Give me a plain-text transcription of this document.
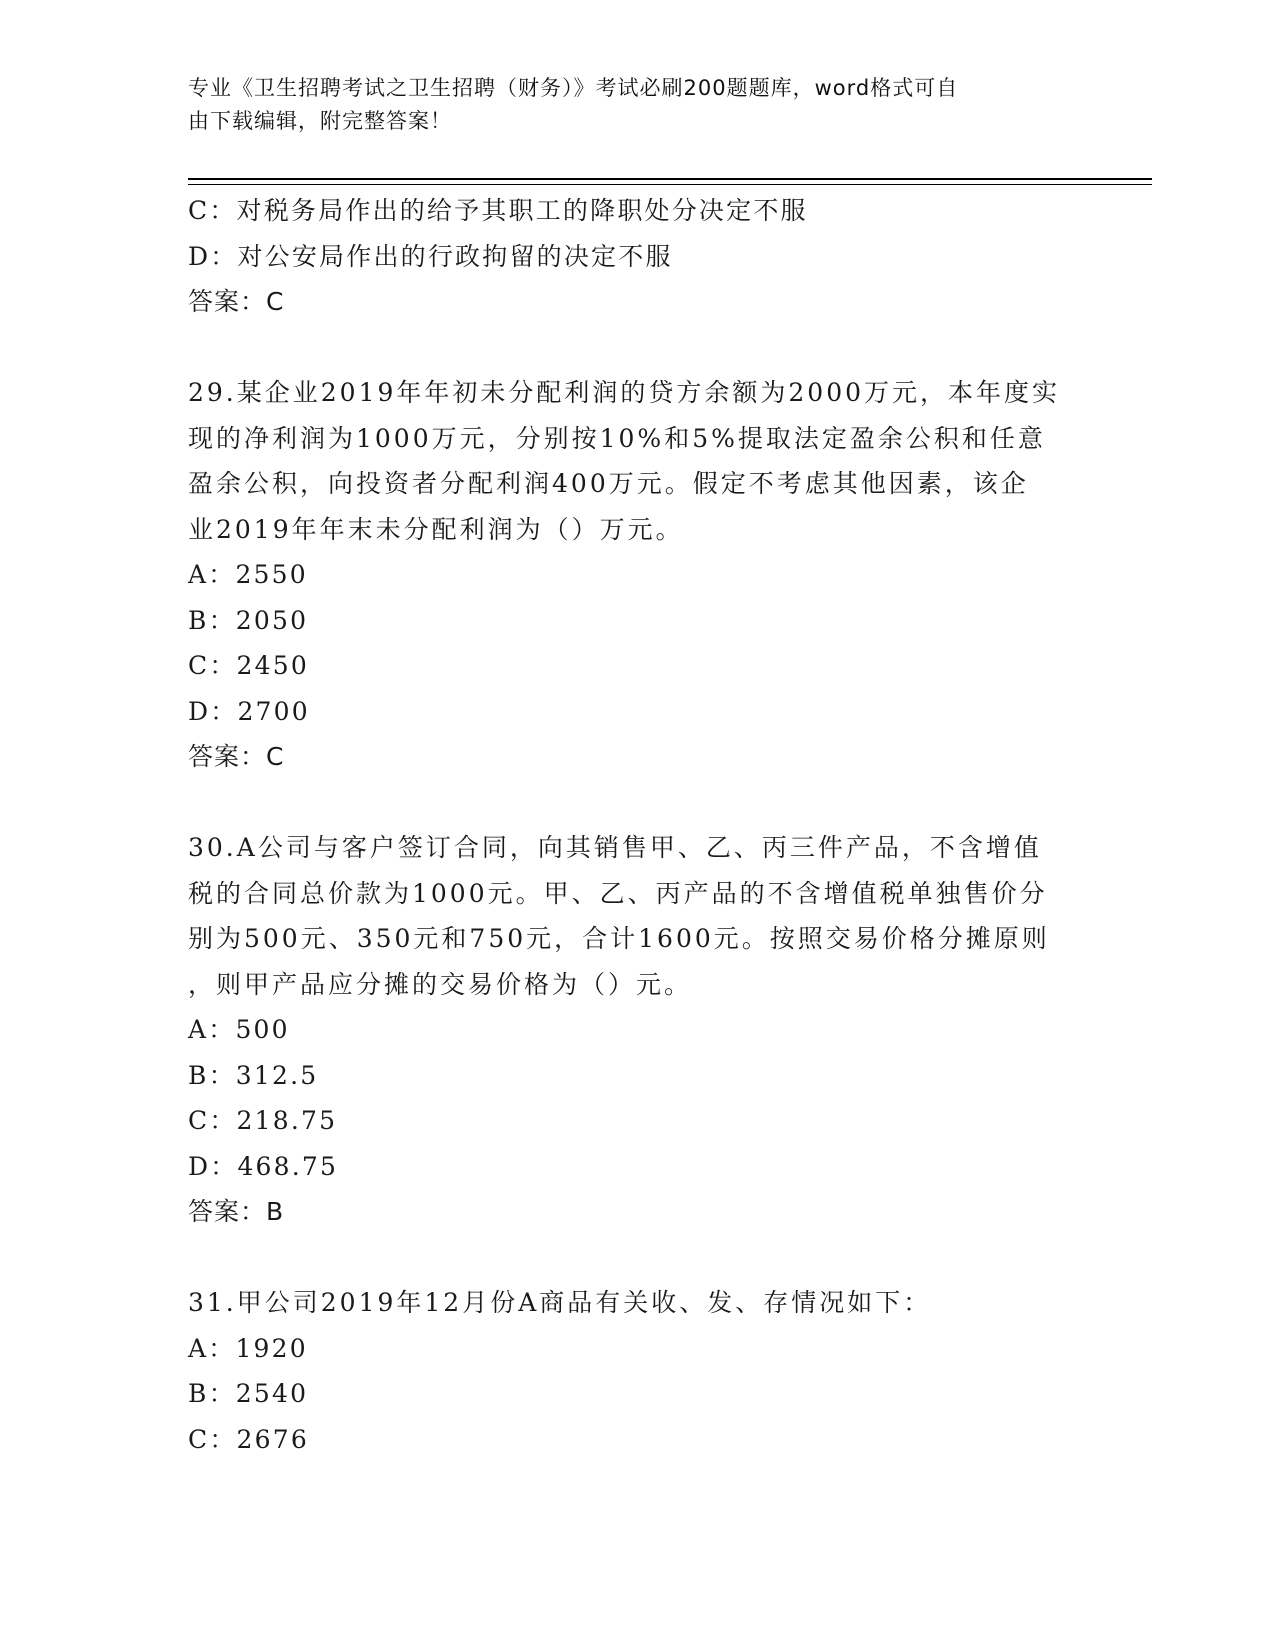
专业《卫生招聘考试之卫生招聘（财务）》考试必刷200题题库，word格式可自
由下载编辑，附完整答案！
C：对税务局作出的给予其职工的降职处分决定不服
D：对公安局作出的行政拘留的决定不服
答案：C
29.某企业2019年年初未分配利润的贷方余额为2000万元，本年度实
现的净利润为1000万元，分别按10%和5%提取法定盈余公积和任意
盈余公积，向投资者分配利润400万元。假定不考虑其他因素，该企
业2019年年末未分配利润为（）万元。
A：2550
B：2050
C：2450
D：2700
答案：C
30.A公司与客户签订合同，向其销售甲、乙、丙三件产品，不含增值
税的合同总价款为1000元。甲、乙、丙产品的不含增值税单独售价分
别为500元、350元和750元，合计1600元。按照交易价格分摊原则
，则甲产品应分摊的交易价格为（）元。
A：500
B：312.5
C：218.75
D：468.75
答案：B
31.甲公司2019年12月份A商品有关收、发、存情况如下：
A：1920
B：2540
C：2676
